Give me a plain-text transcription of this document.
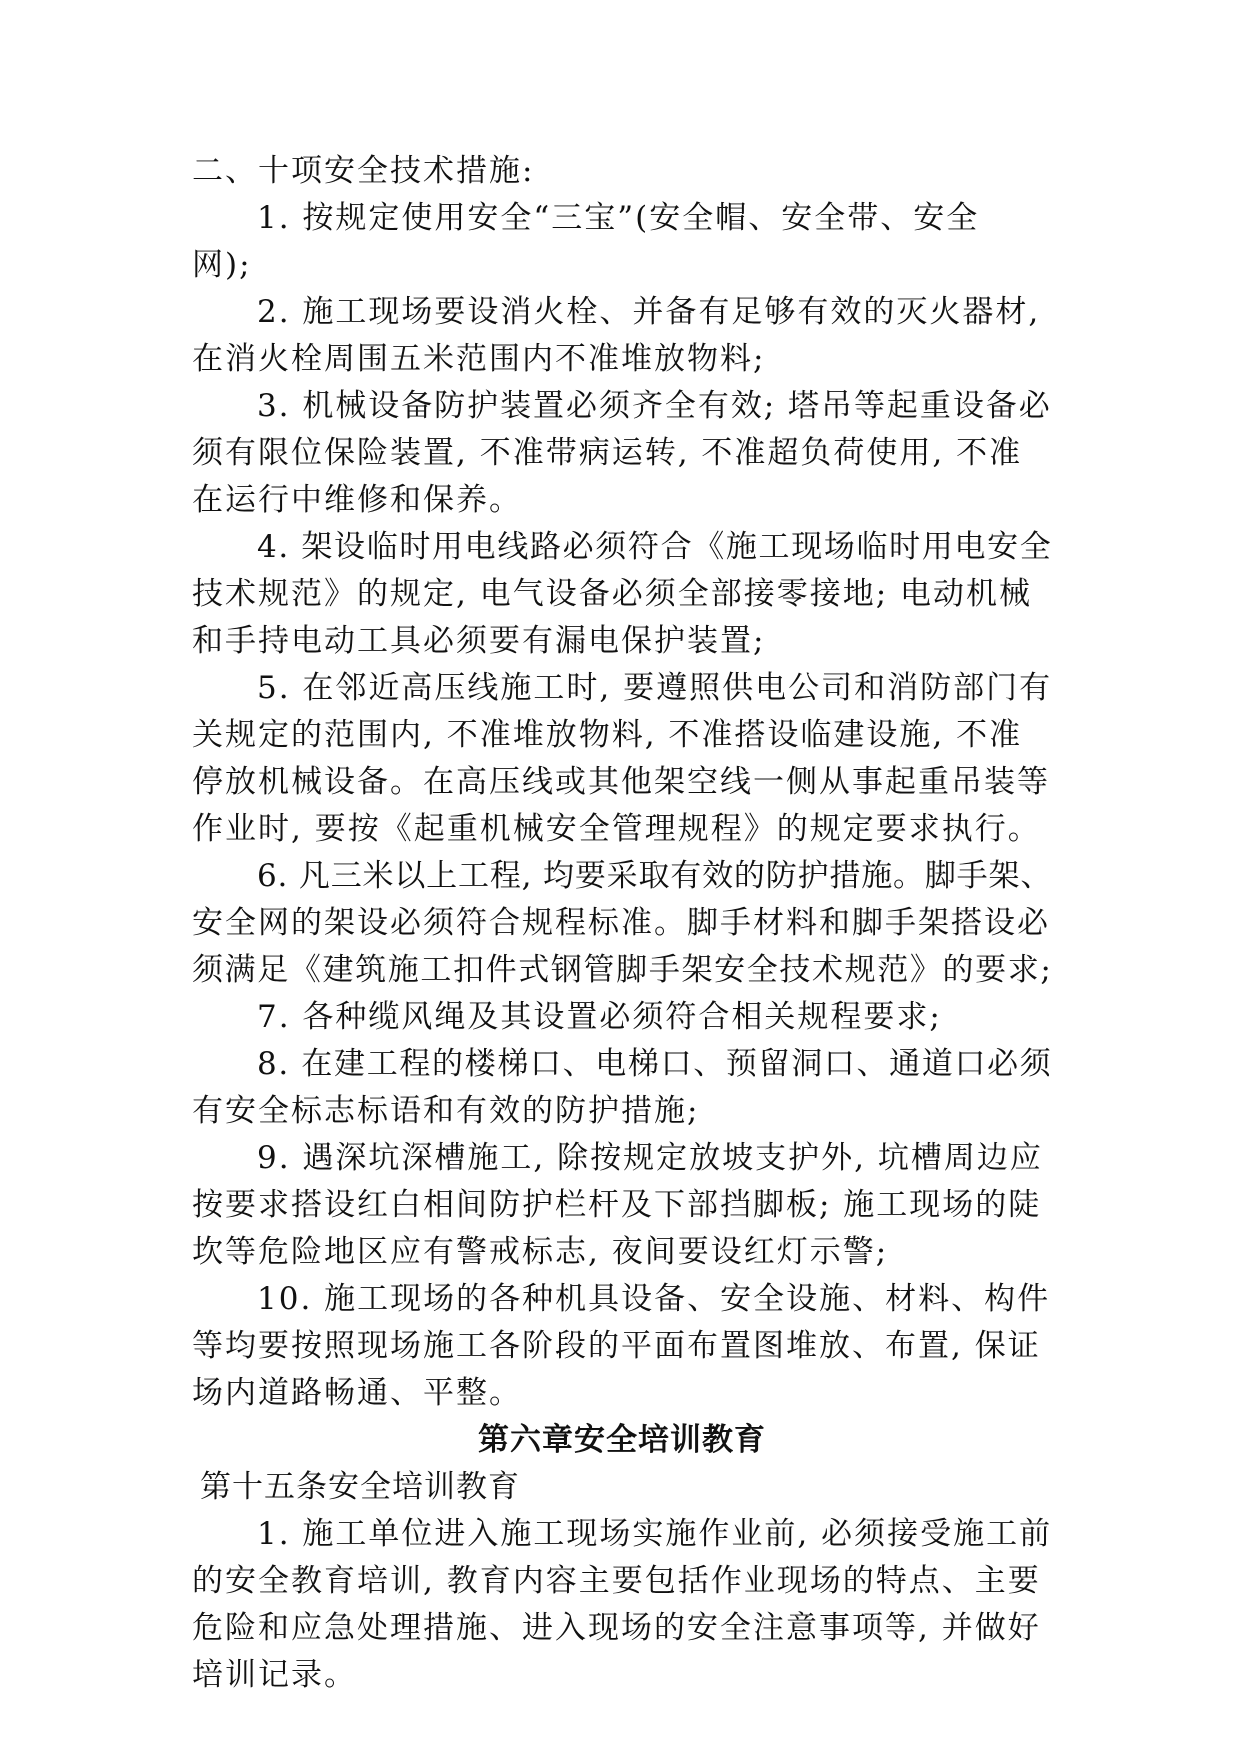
二、十项安全技术措施:
1. 按规定使用安全“三宝”(安全帽、安全带、安全
网);
2. 施工现场要设消火栓、并备有足够有效的灭火器材,
在消火栓周围五米范围内不准堆放物料;
3. 机械设备防护装置必须齐全有效; 塔吊等起重设备必
须有限位保险装置, 不准带病运转, 不准超负荷使用, 不准
在运行中维修和保养。
4. 架设临时用电线路必须符合《施工现场临时用电安全
技术规范》的规定, 电气设备必须全部接零接地; 电动机械
和手持电动工具必须要有漏电保护装置;
5. 在邻近高压线施工时, 要遵照供电公司和消防部门有
关规定的范围内, 不准堆放物料, 不准搭设临建设施, 不准
停放机械设备。在高压线或其他架空线一侧从事起重吊装等
作业时, 要按《起重机械安全管理规程》的规定要求执行。
6. 凡三米以上工程, 均要采取有效的防护措施。脚手架、
安全网的架设必须符合规程标准。脚手材料和脚手架搭设必
须满足《建筑施工扣件式钢管脚手架安全技术规范》的要求;
7. 各种缆风绳及其设置必须符合相关规程要求;
8. 在建工程的楼梯口、电梯口、预留洞口、通道口必须
有安全标志标语和有效的防护措施;
9. 遇深坑深槽施工, 除按规定放坡支护外, 坑槽周边应
按要求搭设红白相间防护栏杆及下部挡脚板; 施工现场的陡
坎等危险地区应有警戒标志, 夜间要设红灯示警;
10. 施工现场的各种机具设备、安全设施、材料、构件
等均要按照现场施工各阶段的平面布置图堆放、布置, 保证
场内道路畅通、平整。
第六章安全培训教育
第十五条安全培训教育
1. 施工单位进入施工现场实施作业前, 必须接受施工前
的安全教育培训, 教育内容主要包括作业现场的特点、主要
危险和应急处理措施、进入现场的安全注意事项等, 并做好
培训记录。
